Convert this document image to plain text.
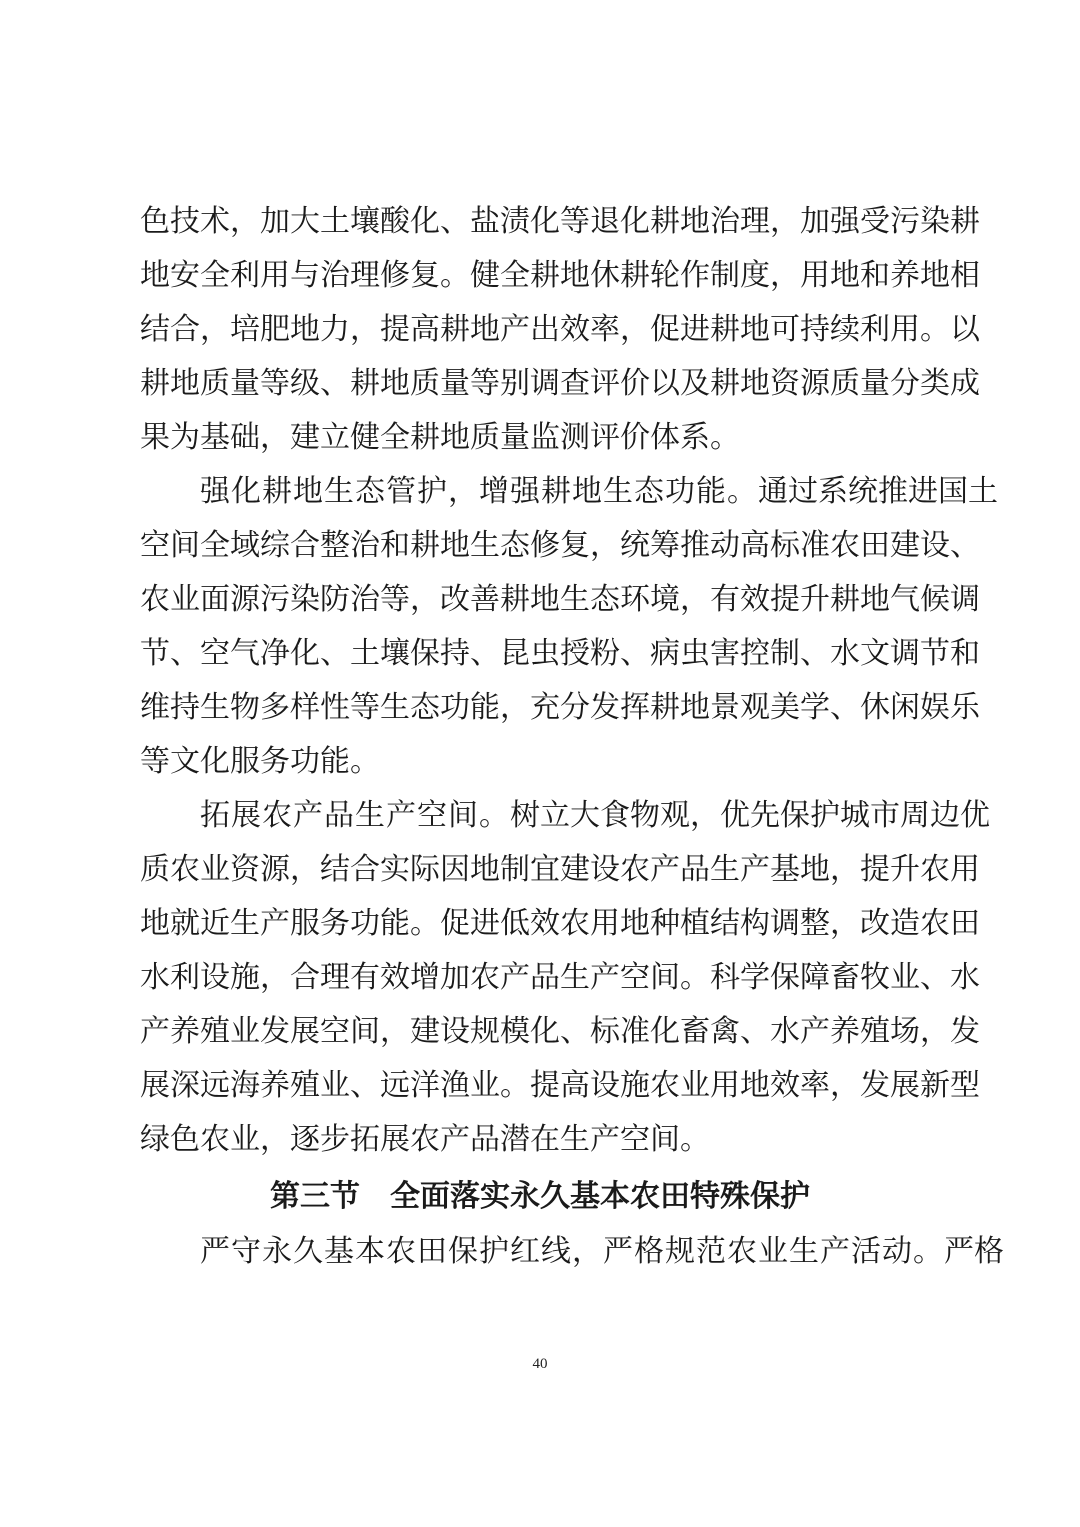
色技术，加大土壤酸化、盐渍化等退化耕地治理，加强受污染耕
地安全利用与治理修复。健全耕地休耕轮作制度，用地和养地相
结合，培肥地力，提高耕地产出效率，促进耕地可持续利用。以
耕地质量等级、耕地质量等别调查评价以及耕地资源质量分类成
果为基础，建立健全耕地质量监测评价体系。
强化耕地生态管护，增强耕地生态功能。通过系统推进国土
空间全域综合整治和耕地生态修复，统筹推动高标准农田建设、
农业面源污染防治等，改善耕地生态环境，有效提升耕地气候调
节、空气净化、土壤保持、昆虫授粉、病虫害控制、水文调节和
维持生物多样性等生态功能，充分发挥耕地景观美学、休闲娱乐
等文化服务功能。
拓展农产品生产空间。树立大食物观，优先保护城市周边优
质农业资源，结合实际因地制宜建设农产品生产基地，提升农用
地就近生产服务功能。促进低效农用地种植结构调整，改造农田
水利设施，合理有效增加农产品生产空间。科学保障畜牧业、水
产养殖业发展空间，建设规模化、标准化畜禽、水产养殖场，发
展深远海养殖业、远洋渔业。提高设施农业用地效率，发展新型
绿色农业，逐步拓展农产品潜在生产空间。
第三节　全面落实永久基本农田特殊保护
严守永久基本农田保护红线，严格规范农业生产活动。严格
40
